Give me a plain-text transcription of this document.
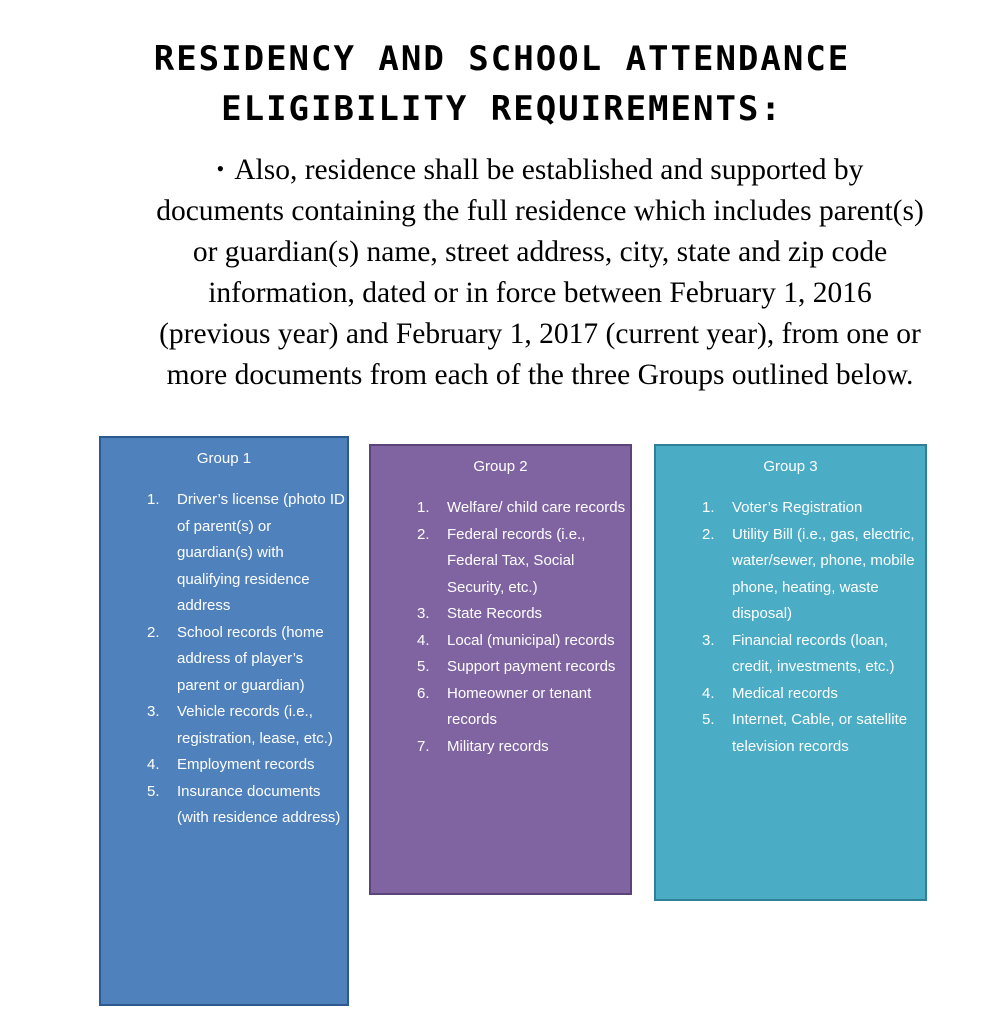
RESIDENCY AND SCHOOL ATTENDANCE
ELIGIBILITY REQUIREMENTS:

• Also, residence shall be established and supported by documents containing the full residence which includes parent(s) or guardian(s) name, street address, city, state and zip code information, dated or in force between February 1, 2016 (previous year) and February 1, 2017 (current year), from one or more documents from each of the three Groups outlined below.

Group 1

1. Driver’s license (photo ID of parent(s) or guardian(s) with qualifying residence address
2. School records (home address of player’s parent or guardian)
3. Vehicle records (i.e., registration, lease, etc.)
4. Employment records
5. Insurance documents (with residence address)

Group 2

1. Welfare/ child care records
2. Federal records (i.e., Federal Tax, Social Security, etc.)
3. State Records
4. Local (municipal) records
5. Support payment records
6. Homeowner or tenant records
7. Military records

Group 3

1. Voter’s Registration
2. Utility Bill (i.e., gas, electric, water/sewer, phone, mobile phone, heating, waste disposal)
3. Financial records (loan, credit, investments, etc.)
4. Medical records
5. Internet, Cable, or satellite television records
